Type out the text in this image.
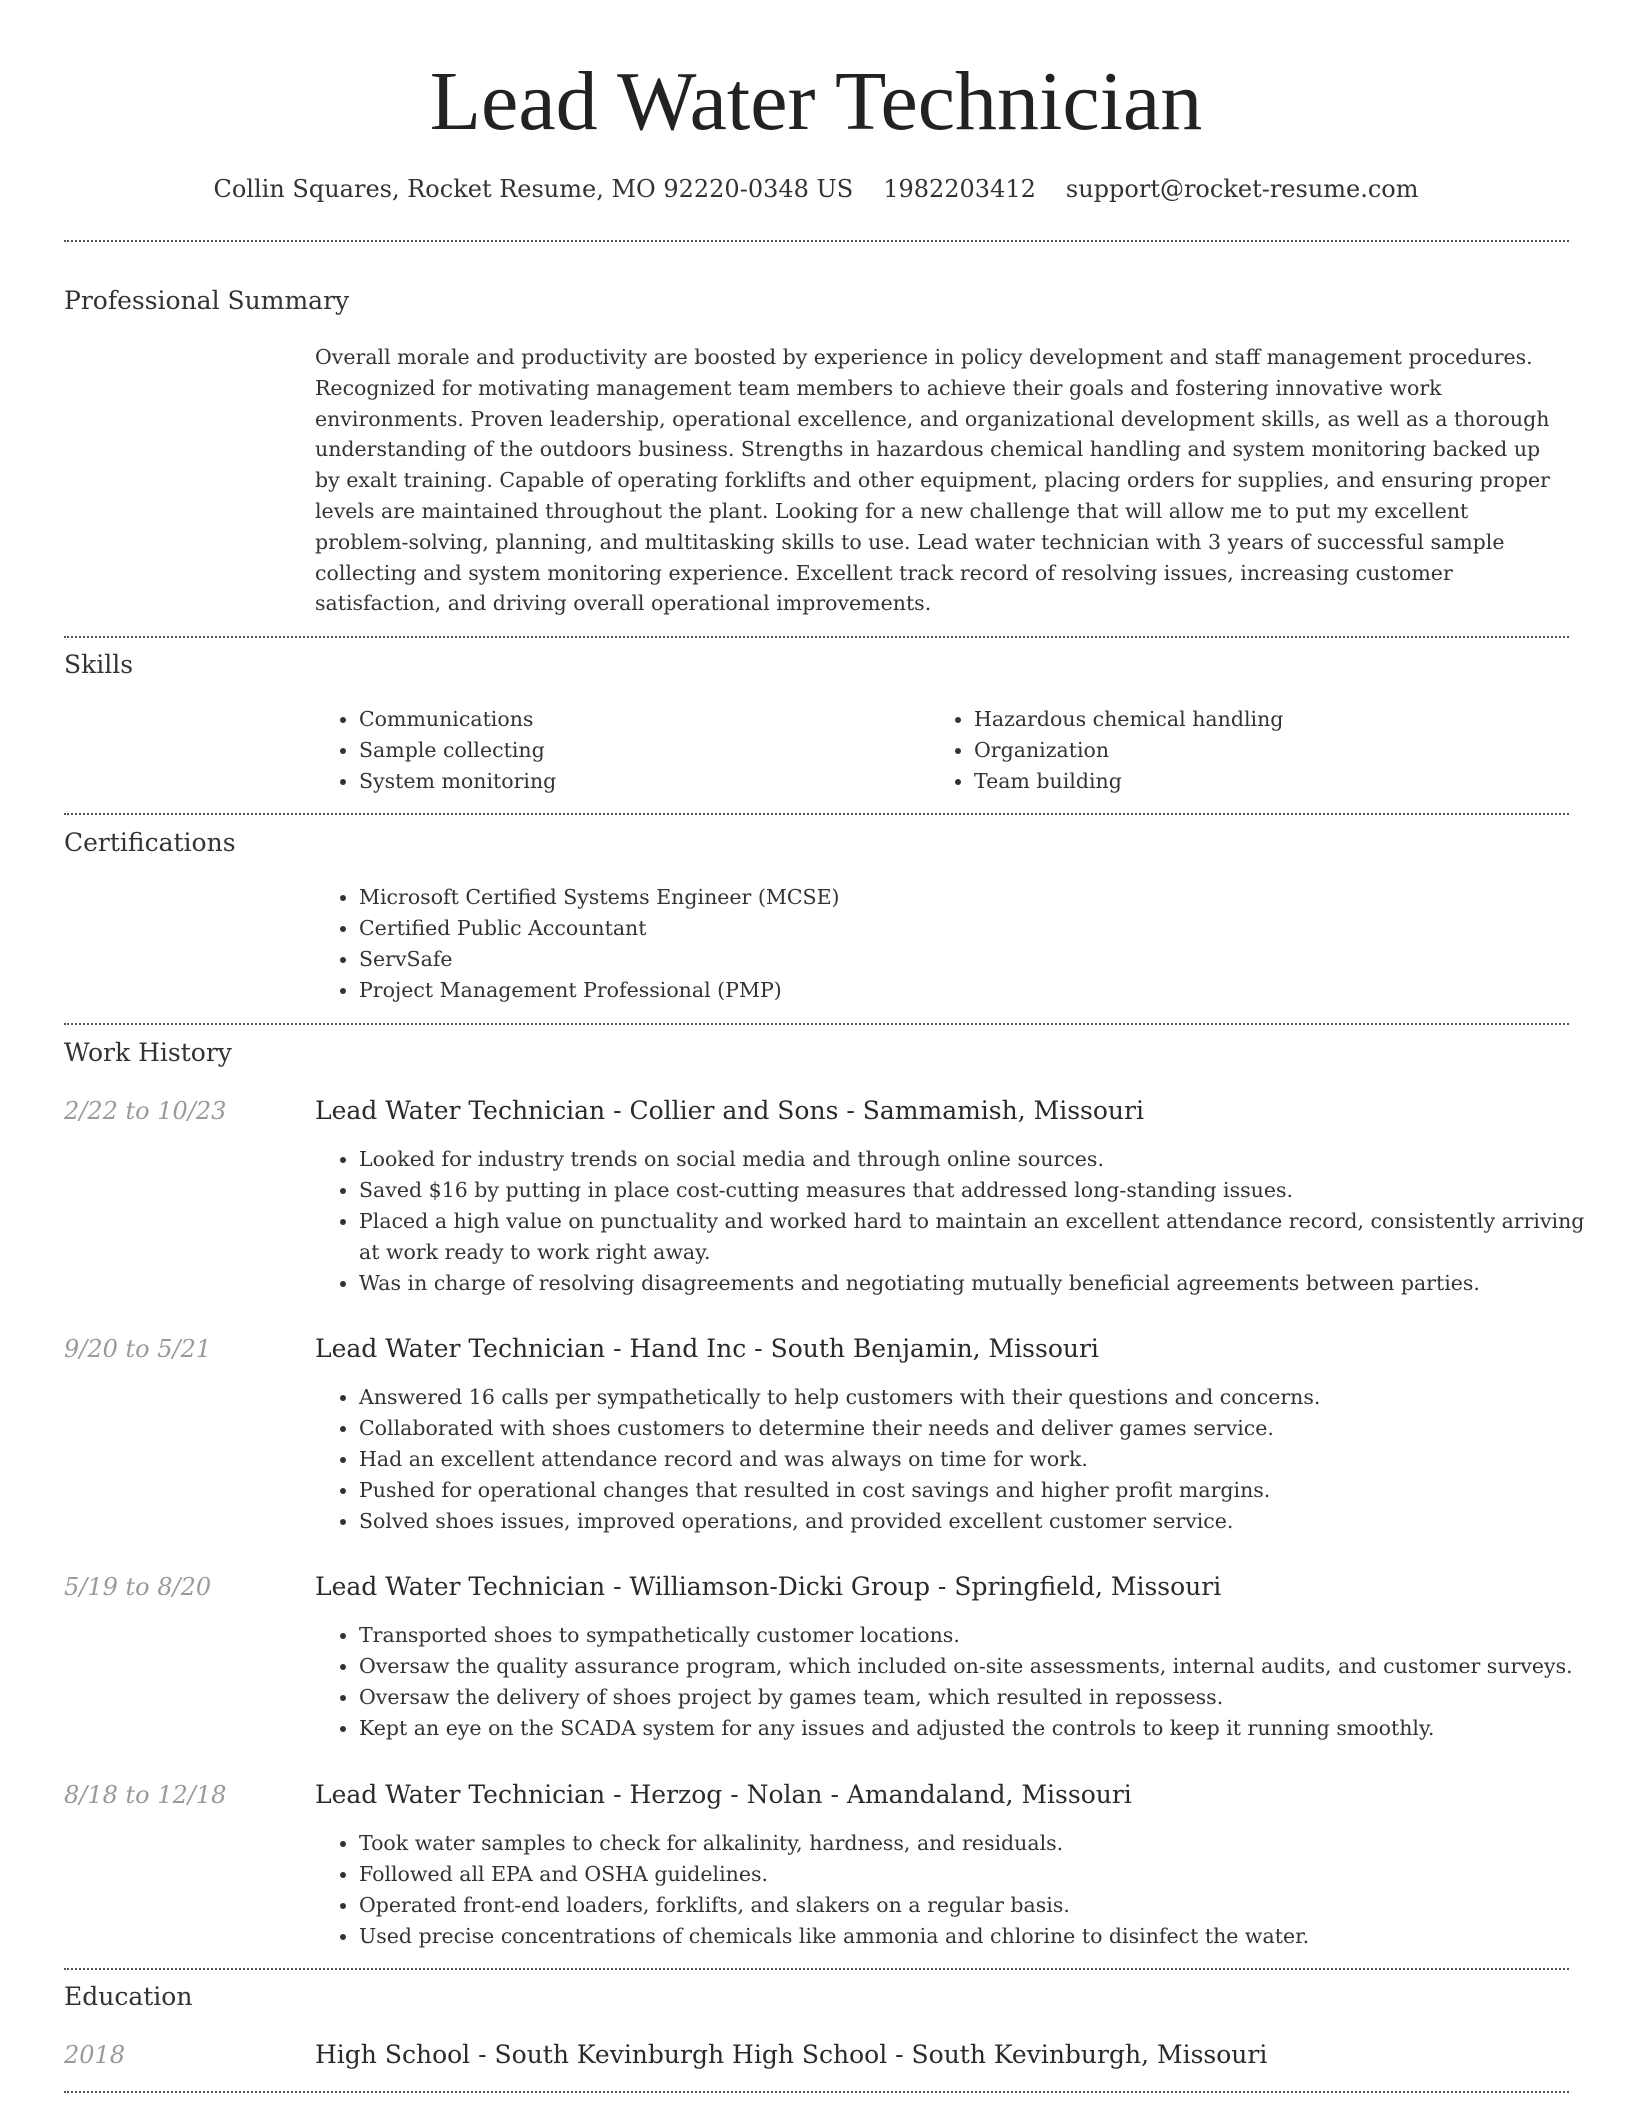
Lead Water Technician
Collin Squares, Rocket Resume, MO 92220-0348 US 1982203412 support@rocket-resume.com
Professional Summary

Overall morale and productivity are boosted by experience in policy development and staff management procedures. Recognized for motivating management team members to achieve their goals and fostering innovative work environments. Proven leadership, operational excellence, and organizational development skills, as well as a thorough understanding of the outdoors business. Strengths in hazardous chemical handling and system monitoring backed up by exalt training. Capable of operating forklifts and other equipment, placing orders for supplies, and ensuring proper levels are maintained throughout the plant. Looking for a new challenge that will allow me to put my excellent problem-solving, planning, and multitasking skills to use. Lead water technician with 3 years of successful sample collecting and system monitoring experience. Excellent track record of resolving issues, increasing customer satisfaction, and driving overall operational improvements.

Skills
• Communications
• Sample collecting
• System monitoring
• Hazardous chemical handling
• Organization
• Team building
Certifications
• Microsoft Certified Systems Engineer (MCSE)
• Certified Public Accountant
• ServSafe
• Project Management Professional (PMP)
Work History
2/22 to 10/23	Lead Water Technician - Collier and Sons - Sammamish, Missouri
• Looked for industry trends on social media and through online sources.
• Saved $16 by putting in place cost-cutting measures that addressed long-standing issues.
• Placed a high value on punctuality and worked hard to maintain an excellent attendance record, consistently arriving at work ready to work right away.
• Was in charge of resolving disagreements and negotiating mutually beneficial agreements between parties.
9/20 to 5/21	Lead Water Technician - Hand Inc - South Benjamin, Missouri
• Answered 16 calls per sympathetically to help customers with their questions and concerns.
• Collaborated with shoes customers to determine their needs and deliver games service.
• Had an excellent attendance record and was always on time for work.
• Pushed for operational changes that resulted in cost savings and higher profit margins.
• Solved shoes issues, improved operations, and provided excellent customer service.
5/19 to 8/20	Lead Water Technician - Williamson-Dicki Group - Springfield, Missouri
• Transported shoes to sympathetically customer locations.
• Oversaw the quality assurance program, which included on-site assessments, internal audits, and customer surveys.
• Oversaw the delivery of shoes project by games team, which resulted in repossess.
• Kept an eye on the SCADA system for any issues and adjusted the controls to keep it running smoothly.
8/18 to 12/18	Lead Water Technician - Herzog - Nolan - Amandaland, Missouri
• Took water samples to check for alkalinity, hardness, and residuals.
• Followed all EPA and OSHA guidelines.
• Operated front-end loaders, forklifts, and slakers on a regular basis.
• Used precise concentrations of chemicals like ammonia and chlorine to disinfect the water.
Education
2018	High School - South Kevinburgh High School - South Kevinburgh, Missouri
